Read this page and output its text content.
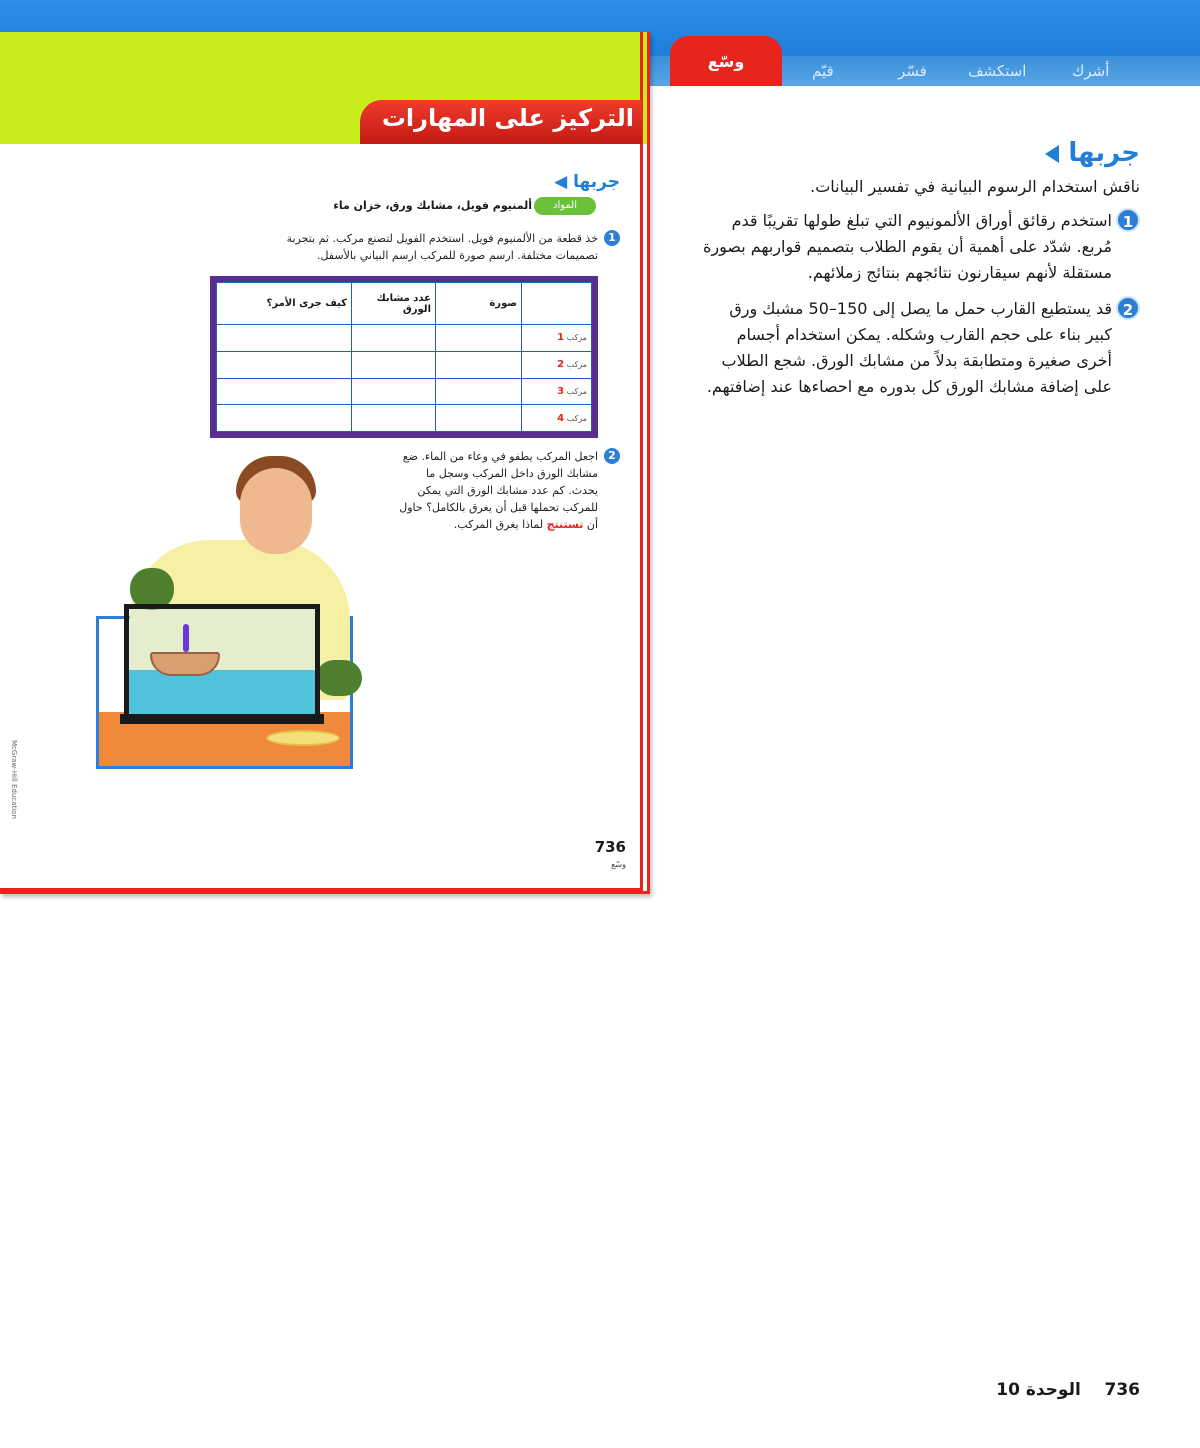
أشرك
استكشف
فسّر
قيّم
وسّع
التركيز على المهارات
جربها ◀
المواد
ألمنيوم فويل، مشابك ورق، خزان ماء
1
خذ قطعة من الألمنيوم فويل. استخدم الفويل لتصنع مركب. ثم بتجربة تصميمات مختلفة. ارسم صورة للمركب ارسم البياني بالأسفل.
	صورة	عدد مشابك الورق	كيف جرى الأمر؟
مركب 1			
مركب 2			
مركب 3			
مركب 4			
2
اجعل المركب يطفو في وعاء من الماء. ضع مشابك الورق داخل المركب وسجل ما يحدث. كم عدد مشابك الورق التي يمكن للمركب تحملها قبل أن يغرق بالكامل؟ حاول أن تستنتج لماذا يغرق المركب.
McGraw-Hill Education
736
وسّع
جربها
ناقش استخدام الرسوم البيانية في تفسير البيانات.
1
استخدم رقائق أوراق الألمونيوم التي تبلغ طولها تقريبًا قدم مُربع. شدّد على أهمية أن يقوم الطلاب بتصميم قواربهم بصورة مستقلة لأنهم سيقارنون نتائجهم بنتائج زملائهم.
2
قد يستطيع القارب حمل ما يصل إلى 150–50 مشبك ورق كبير بناء على حجم القارب وشكله. يمكن استخدام أجسام أخرى صغيرة ومتطابقة بدلاً من مشابك الورق. شجع الطلاب على إضافة مشابك الورق كل بدوره مع احصاءها عند إضافتهم.
736    الوحدة 10
